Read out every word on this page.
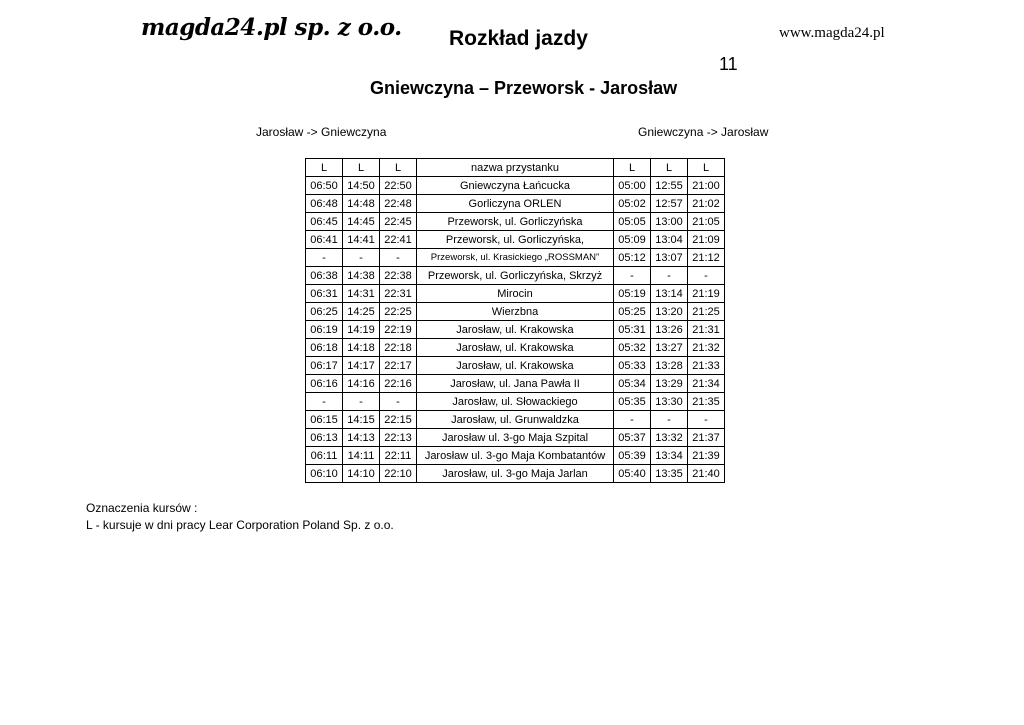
magda24.pl sp. z o.o. Rozkład jazdy	www.magda24.pl
11
Gniewczyna – Przeworsk - Jarosław
Jarosław -> Gniewczyna	Gniewczyna -> Jarosław
L	L	L	nazwa przystanku	L	L	L
06:50	14:50	22:50	Gniewczyna Łańcucka	05:00	12:55	21:00
06:48	14:48	22:48	Gorliczyna ORLEN	05:02	12:57	21:02
06:45	14:45	22:45	Przeworsk, ul. Gorliczyńska	05:05	13:00	21:05
06:41	14:41	22:41	Przeworsk, ul. Gorliczyńska,	05:09	13:04	21:09
-	-	-	Przeworsk, ul. Krasickiego „ROSSMAN”	05:12	13:07	21:12
06:38	14:38	22:38	Przeworsk, ul. Gorliczyńska, Skrzyż	-	-	-
06:31	14:31	22:31	Mirocin	05:19	13:14	21:19
06:25	14:25	22:25	Wierzbna	05:25	13:20	21:25
06:19	14:19	22:19	Jarosław, ul. Krakowska	05:31	13:26	21:31
06:18	14:18	22:18	Jarosław, ul. Krakowska	05:32	13:27	21:32
06:17	14:17	22:17	Jarosław, ul. Krakowska	05:33	13:28	21:33
06:16	14:16	22:16	Jarosław, ul. Jana Pawła II	05:34	13:29	21:34
-	-	-	Jarosław, ul. Słowackiego	05:35	13:30	21:35
06:15	14:15	22:15	Jarosław, ul. Grunwaldzka	-	-	-
06:13	14:13	22:13	Jarosław ul. 3-go Maja Szpital	05:37	13:32	21:37
06:11	14:11	22:11	Jarosław ul. 3-go Maja Kombatantów	05:39	13:34	21:39
06:10	14:10	22:10	Jarosław, ul. 3-go Maja Jarlan	05:40	13:35	21:40
Oznaczenia kursów :
L - kursuje w dni pracy Lear Corporation Poland Sp. z o.o.
